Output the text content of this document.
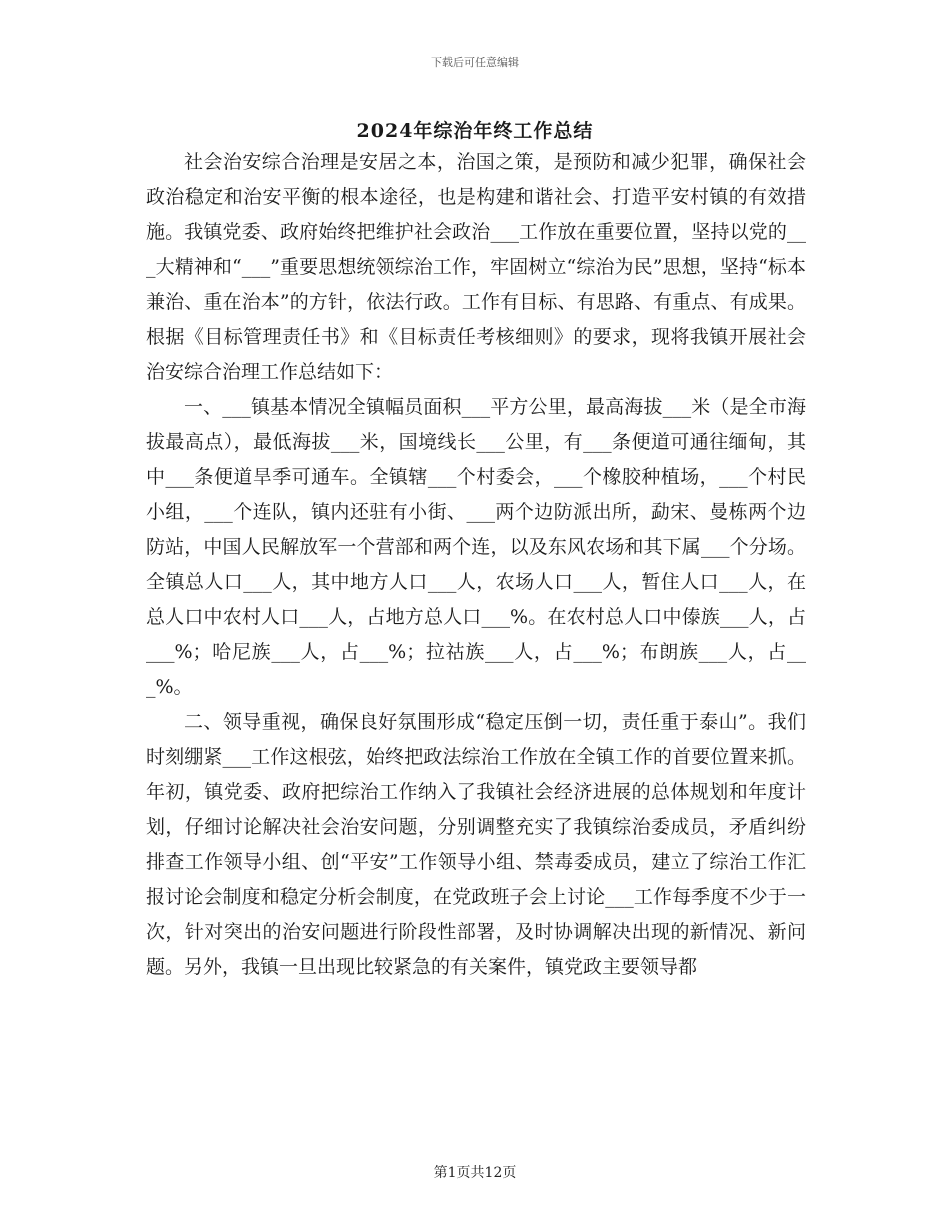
下载后可任意编辑
2024年综治年终工作总结

社会治安综合治理是安居之本，治国之策，是预防和减少犯罪，确保社会政治稳定和治安平衡的根本途径，也是构建和谐社会、打造平安村镇的有效措施。我镇党委、政府始终把维护社会政治___工作放在重要位置，坚持以党的___大精神和“___”重要思想统领综治工作，牢固树立“综治为民”思想，坚持“标本兼治、重在治本”的方针，依法行政。工作有目标、有思路、有重点、有成果。根据《目标管理责任书》和《目标责任考核细则》的要求，现将我镇开展社会治安综合治理工作总结如下：

一、___镇基本情况全镇幅员面积___平方公里，最高海拔___米（是全市海拔最高点），最低海拔___米，国境线长___公里，有___条便道可通往缅甸，其中___条便道旱季可通车。全镇辖___个村委会，___个橡胶种植场，___个村民小组，___个连队，镇内还驻有小街、___两个边防派出所，勐宋、曼栋两个边防站，中国人民解放军一个营部和两个连，以及东风农场和其下属___个分场。全镇总人口___人，其中地方人口___人，农场人口___人，暂住人口___人，在总人口中农村人口___人，占地方总人口___%。在农村总人口中傣族___人，占___%；哈尼族___人，占___%；拉祜族___人，占___%；布朗族___人，占___%。

二、领导重视，确保良好氛围形成“稳定压倒一切，责任重于泰山”。我们时刻绷紧___工作这根弦，始终把政法综治工作放在全镇工作的首要位置来抓。年初，镇党委、政府把综治工作纳入了我镇社会经济进展的总体规划和年度计划，仔细讨论解决社会治安问题，分别调整充实了我镇综治委成员，矛盾纠纷排查工作领导小组、创“平安”工作领导小组、禁毒委成员，建立了综治工作汇报讨论会制度和稳定分析会制度，在党政班子会上讨论___工作每季度不少于一次，针对突出的治安问题进行阶段性部署，及时协调解决出现的新情况、新问题。另外，我镇一旦出现比较紧急的有关案件，镇党政主要领导都

第1页共12页
